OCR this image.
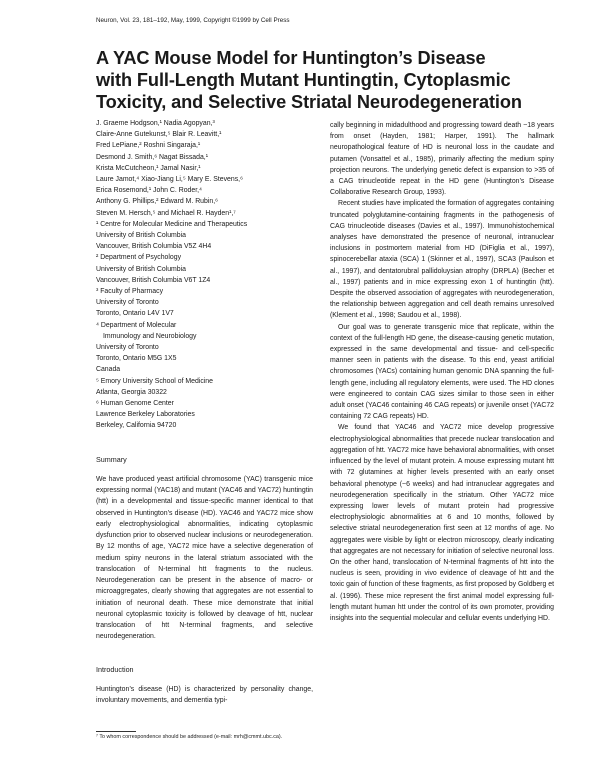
Neuron, Vol. 23, 181–192, May, 1999, Copyright ©1999 by Cell Press
A YAC Mouse Model for Huntington’s Disease
with Full-Length Mutant Huntingtin, Cytoplasmic
Toxicity, and Selective Striatal Neurodegeneration
J. Graeme Hodgson,¹ Nadia Agopyan,³
Claire-Anne Gutekunst,⁵ Blair R. Leavitt,¹
Fred LePiane,² Roshni Singaraja,¹
Desmond J. Smith,⁶ Nagat Bissada,¹
Krista McCutcheon,¹ Jamal Nasir,¹
Laure Jamot,⁴ Xiao-Jiang Li,⁵ Mary E. Stevens,⁶
Erica Rosemond,¹ John C. Roder,⁴
Anthony G. Phillips,² Edward M. Rubin,⁶
Steven M. Hersch,⁵ and Michael R. Hayden¹,⁷
¹ Centre for Molecular Medicine and Therapeutics
University of British Columbia
Vancouver, British Columbia V5Z 4H4
² Department of Psychology
University of British Columbia
Vancouver, British Columbia V6T 1Z4
³ Faculty of Pharmacy
University of Toronto
Toronto, Ontario L4V 1V7
⁴ Department of Molecular
Immunology and Neurobiology
University of Toronto
Toronto, Ontario M5G 1X5
Canada
⁵ Emory University School of Medicine
Atlanta, Georgia 30322
⁶ Human Genome Center
Lawrence Berkeley Laboratories
Berkeley, California 94720
Summary

We have produced yeast artificial chromosome (YAC) transgenic mice expressing normal (YAC18) and mutant (YAC46 and YAC72) huntingtin (htt) in a developmental and tissue-specific manner identical to that observed in Huntington’s disease (HD). YAC46 and YAC72 mice show early electrophysiological abnormalities, indicating cytoplasmic dysfunction prior to observed nuclear inclusions or neurodegeneration. By 12 months of age, YAC72 mice have a selective degeneration of medium spiny neurons in the lateral striatum associated with the translocation of N-terminal htt fragments to the nucleus. Neurodegeneration can be present in the absence of macro- or microaggregates, clearly showing that aggregates are not essential to initiation of neuronal death. These mice demonstrate that initial neuronal cytoplasmic toxicity is followed by cleavage of htt, nuclear translocation of htt N-terminal fragments, and selective neurodegeneration.

Introduction

Huntington’s disease (HD) is characterized by personality change, involuntary movements, and dementia typi-

⁷ To whom correspondence should be addressed (e-mail: mrh@cmmt.ubc.ca).

cally beginning in midadulthood and progressing toward death ~18 years from onset (Hayden, 1981; Harper, 1991). The hallmark neuropathological feature of HD is neuronal loss in the caudate and putamen (Vonsattel et al., 1985), primarily affecting the medium spiny projection neurons. The underlying genetic defect is expansion to >35 of a CAG trinucleotide repeat in the HD gene (Huntington’s Disease Collaborative Research Group, 1993).

Recent studies have implicated the formation of aggregates containing truncated polyglutamine-containing fragments in the pathogenesis of CAG trinucleotide diseases (Davies et al., 1997). Immunohistochemical analyses have demonstrated the presence of neuronal, intranuclear inclusions in postmortem material from HD (DiFiglia et al., 1997), spinocerebellar ataxia (SCA) 1 (Skinner et al., 1997), SCA3 (Paulson et al., 1997), and dentatorubral pallidoluysian atrophy (DRPLA) (Becher et al., 1997) patients and in mice expressing exon 1 of huntingtin (htt). Despite the observed association of aggregates with neurodegeneration, the relationship between aggregation and cell death remains unresolved (Klement et al., 1998; Saudou et al., 1998).

Our goal was to generate transgenic mice that replicate, within the context of the full-length HD gene, the disease-causing genetic mutation, expressed in the same developmental and tissue- and cell-specific manner seen in patients with the disease. To this end, yeast artificial chromosomes (YACs) containing human genomic DNA spanning the full-length gene, including all regulatory elements, were used. The HD clones were engineered to contain CAG sizes similar to those seen in either adult onset (YAC46 containing 46 CAG repeats) or juvenile onset (YAC72 containing 72 CAG repeats) HD.

We found that YAC46 and YAC72 mice develop progressive electrophysiological abnormalities that precede nuclear translocation and aggregation of htt. YAC72 mice have behavioral abnormalities, with onset influenced by the level of mutant protein. A mouse expressing mutant htt with 72 glutamines at higher levels presented with an early onset behavioral phenotype (~6 weeks) and had intranuclear aggregates and neurodegeneration specifically in the striatum. Other YAC72 mice expressing lower levels of mutant protein had progressive electrophysiologic abnormalities at 6 and 10 months, followed by selective striatal neurodegeneration first seen at 12 months of age. No aggregates were visible by light or electron microscopy, clearly indicating that aggregates are not necessary for initiation of selective neuronal loss. On the other hand, translocation of N-terminal fragments of htt into the nucleus is seen, providing in vivo evidence of cleavage of htt and the toxic gain of function of these fragments, as first proposed by Goldberg et al. (1996). These mice represent the first animal model expressing full-length mutant human htt under the control of its own promoter, providing insights into the sequential molecular and cellular events underlying HD.
